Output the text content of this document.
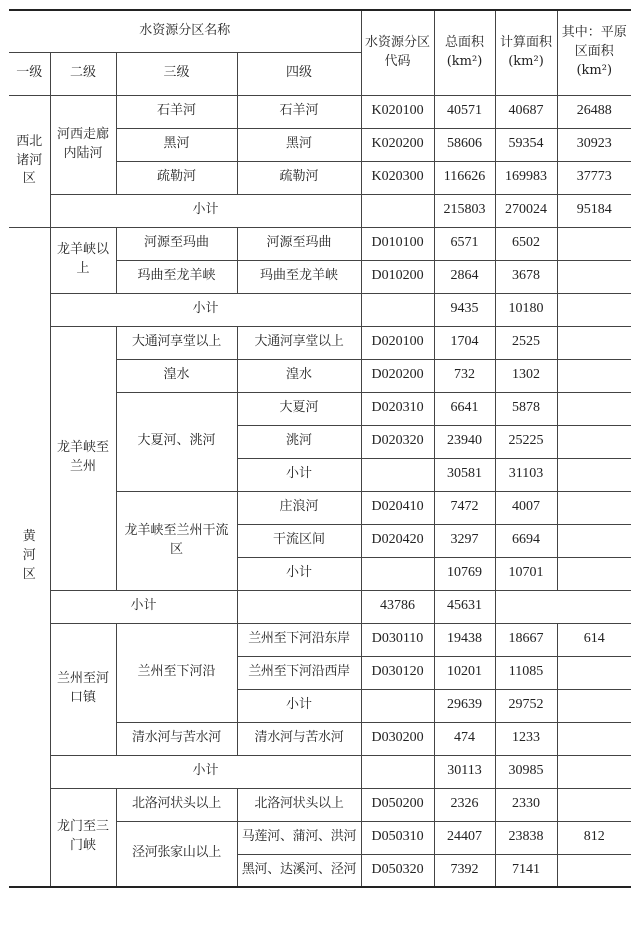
水资源分区名称				水资源分区代码	总面积(km²)	计算面积(km²)	其中：平原区面积(km²)
一级	二级	三级	四级				
西北诸河区	河西走廊内陆河	石羊河	石羊河	K020100	40571	40687	26488
		黑河	黑河	K020200	58606	59354	30923
		疏勒河	疏勒河	K020300	116626	169983	37773
	小计				215803	270024	95184
黄河区	龙羊峡以上	河源至玛曲	河源至玛曲	D010100	6571	6502	
		玛曲至龙羊峡	玛曲至龙羊峡	D010200	2864	3678	
	小计				9435	10180	
	龙羊峡至兰州	大通河享堂以上	大通河享堂以上	D020100	1704	2525	
		湟水	湟水	D020200	732	1302	
		大夏河、洮河	大夏河	D020310	6641	5878	
			洮河	D020320	23940	25225	
			小计		30581	31103	
		龙羊峡至兰州干流区	庄浪河	D020410	7472	4007	
			干流区间	D020420	3297	6694	
			小计		10769	10701	
	小计			43786	45631		
	兰州至河口镇	兰州至下河沿	兰州至下河沿东岸	D030110	19438	18667	614
			兰州至下河沿西岸	D030120	10201	11085	
			小计		29639	29752	
		清水河与苦水河	清水河与苦水河	D030200	474	1233	
	小计				30113	30985	
	龙门至三门峡	北洛河状头以上	北洛河状头以上	D050200	2326	2330	
		泾河张家山以上	马莲河、蒲河、洪河	D050310	24407	23838	812
			黑河、达溪河、泾河	D050320	7392	7141	
